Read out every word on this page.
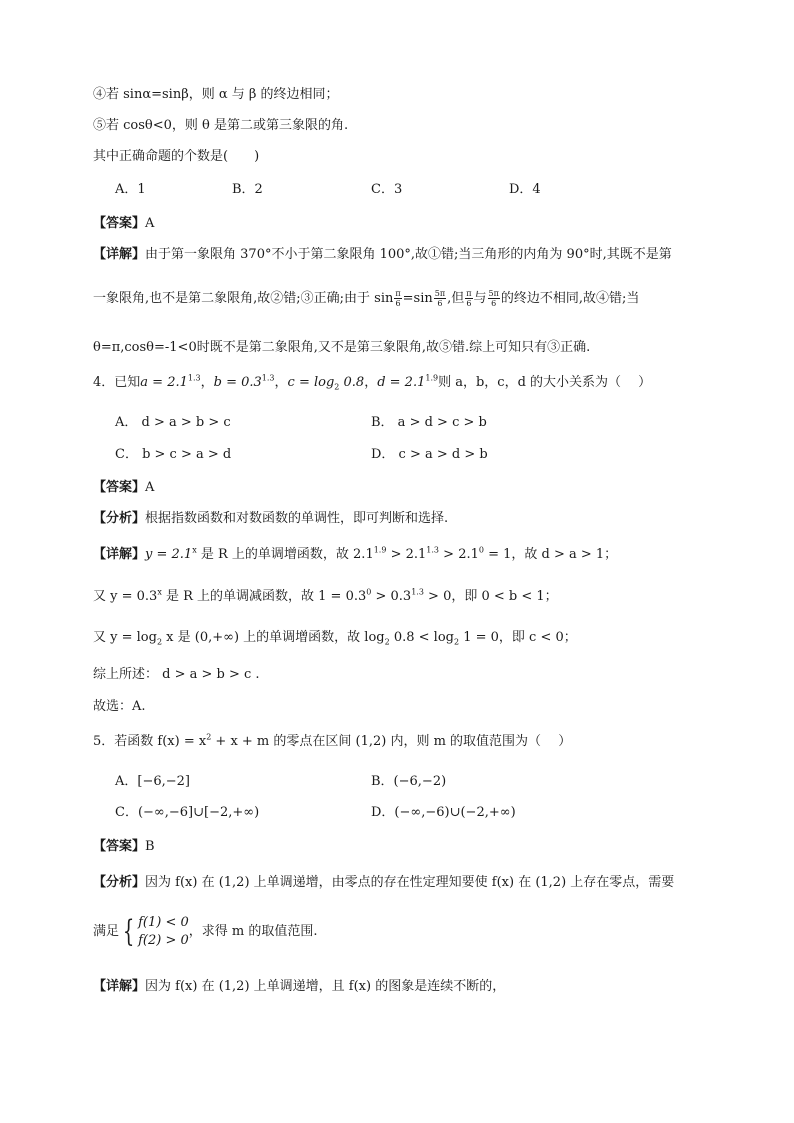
④若 sinα=sinβ，则 α 与 β 的终边相同；
⑤若 cosθ<0，则 θ 是第二或第三象限的角.
其中正确命题的个数是(　　)
A．1	B．2	C．3	D．4
【答案】A
【详解】由于第一象限角 370°不小于第二象限角 100°,故①错;当三角形的内角为 90°时,其既不是第
一象限角,也不是第二象限角,故②错;③正确;由于 $\sin \frac{\pi}{6} =\sin \frac{5\pi}{6}$ ,但 $\frac{\pi}{6}$ 与 $\frac{5\pi}{6}$ 的终边不相同,故④错;当
θ=π,cosθ=-1<0时既不是第二象限角,又不是第三象限角,故⑤错.综上可知只有③正确.
4．已知$a = 2.1^{1.3}$，$b = 0.3^{1.3}$，$c = \log_2 0.8$，$d = 2.1^{1.9}$则 a，b，c，d 的大小关系为（　 ）
A． d > a > b > c	B． a > d > c > b
C． b > c > a > d	D． c > a > d > b
【答案】A
【分析】根据指数函数和对数函数的单调性，即可判断和选择.
【详解】$y = 2.1^x$ 是 R 上的单调增函数，故 $2.1^{1.9} > 2.1^{1.3} > 2.1^0 = 1$，故 d > a > 1；
又 $y = 0.3^x$ 是 R 上的单调减函数，故 $1 = 0.3^0 > 0.3^{1.3} > 0$，即 0 < b < 1；
又 $y = \log_2 x$ 是 (0,+∞) 上的单调增函数，故 $\log_2 0.8 < \log_2 1 = 0$，即 c < 0；
综上所述： d > a > b > c .
故选：A.
5．若函数 $f(x) = x^2 + x + m$ 的零点在区间 (1,2) 内，则 m 的取值范围为（　 ）
A．[−6,−2]	B．(−6,−2)
C．(−∞,−6]∪[−2,+∞)	D．(−∞,−6)∪(−2,+∞)
【答案】B
【分析】因为 f(x) 在 (1,2) 上单调递增，由零点的存在性定理知要使 f(x) 在 (1,2) 上存在零点，需要
满足 { f(1) < 0
f(2) > 0
，求得 m 的取值范围.
【详解】因为 f(x) 在 (1,2) 上单调递增，且 f(x) 的图象是连续不断的，
